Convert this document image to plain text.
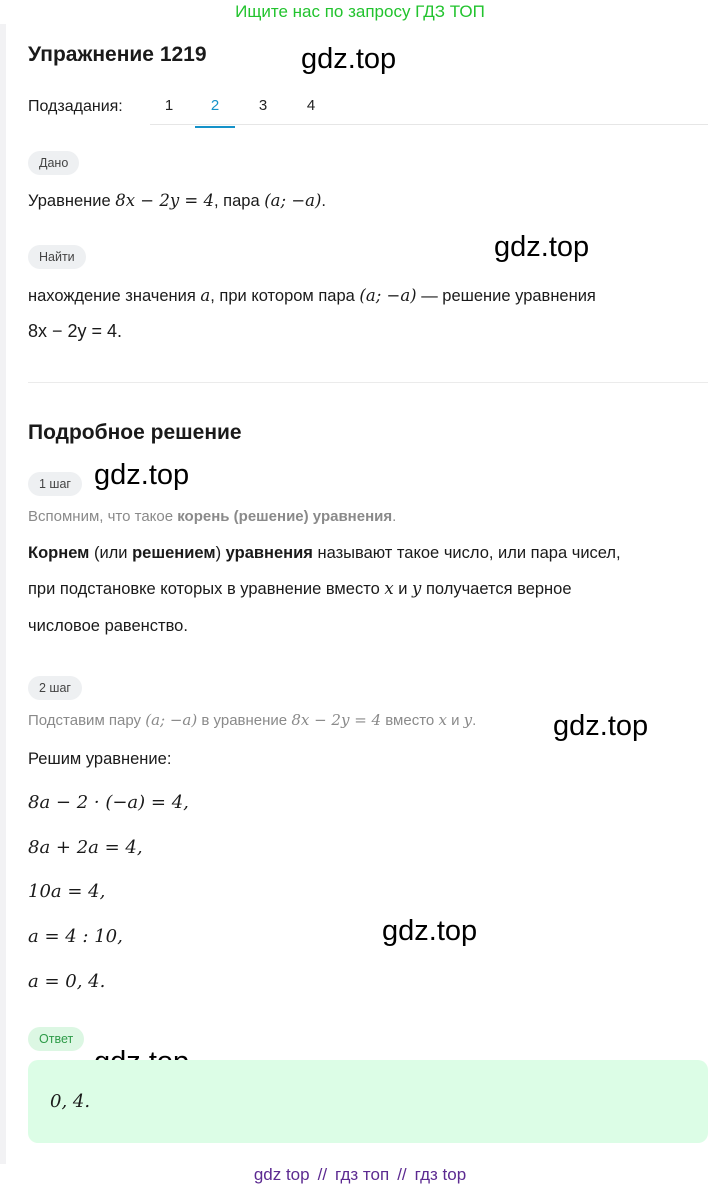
Ищите нас по запросу ГДЗ ТОП
Упражнение 1219	gdz.top
gdz.top
gdz.top
gdz.top
gdz.top
Подзадания:	1	2	3	4
Дано
Уравнение 8x − 2y = 4, пара (a; −a).
Найти
нахождение значения a, при котором пара (a; −a) — решение уравнения
8x − 2y = 4.
Подробное решение
1 шаг
Вспомним, что такое корень (решение) уравнения.
Корнем (или решением) уравнения называют такое число, или пара чисел,
при подстановке которых в уравнение вместо x и y получается верное
числовое равенство.
2 шаг
Подставим пару (a; −a) в уравнение 8x − 2y = 4 вместо x и y.
Решим уравнение:
8a − 2 · (−a) = 4,
8a + 2a = 4,
10a = 4,
a = 4 : 10,
a = 0, 4.
Ответ
0, 4.
gdz top // гдз топ // гдз top
